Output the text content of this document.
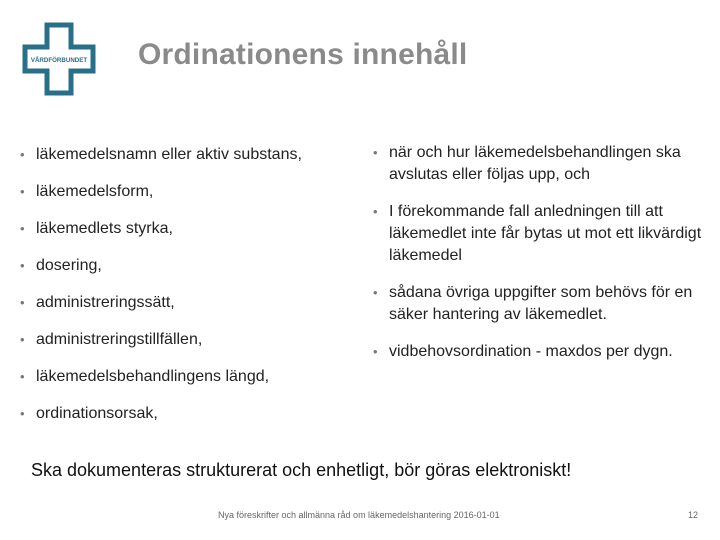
VÅRDFÖRBUNDET Ordinationens innehåll
• läkemedelsnamn eller aktiv substans,
• läkemedelsform,
• läkemedlets styrka,
• dosering,
• administreringssätt,
• administreringstillfällen,
• läkemedelsbehandlingens längd,
• ordinationsorsak,
• när och hur läkemedelsbehandlingen ska avslutas eller följas upp, och
• I förekommande fall anledningen till att läkemedlet inte får bytas ut mot ett likvärdigt läkemedel
• sådana övriga uppgifter som behövs för en säker hantering av läkemedlet.
• vidbehovsordination - maxdos per dygn.
Ska dokumenteras strukturerat och enhetligt, bör göras elektroniskt!
Nya föreskrifter och allmänna råd om läkemedelshantering 2016-01-01	12
